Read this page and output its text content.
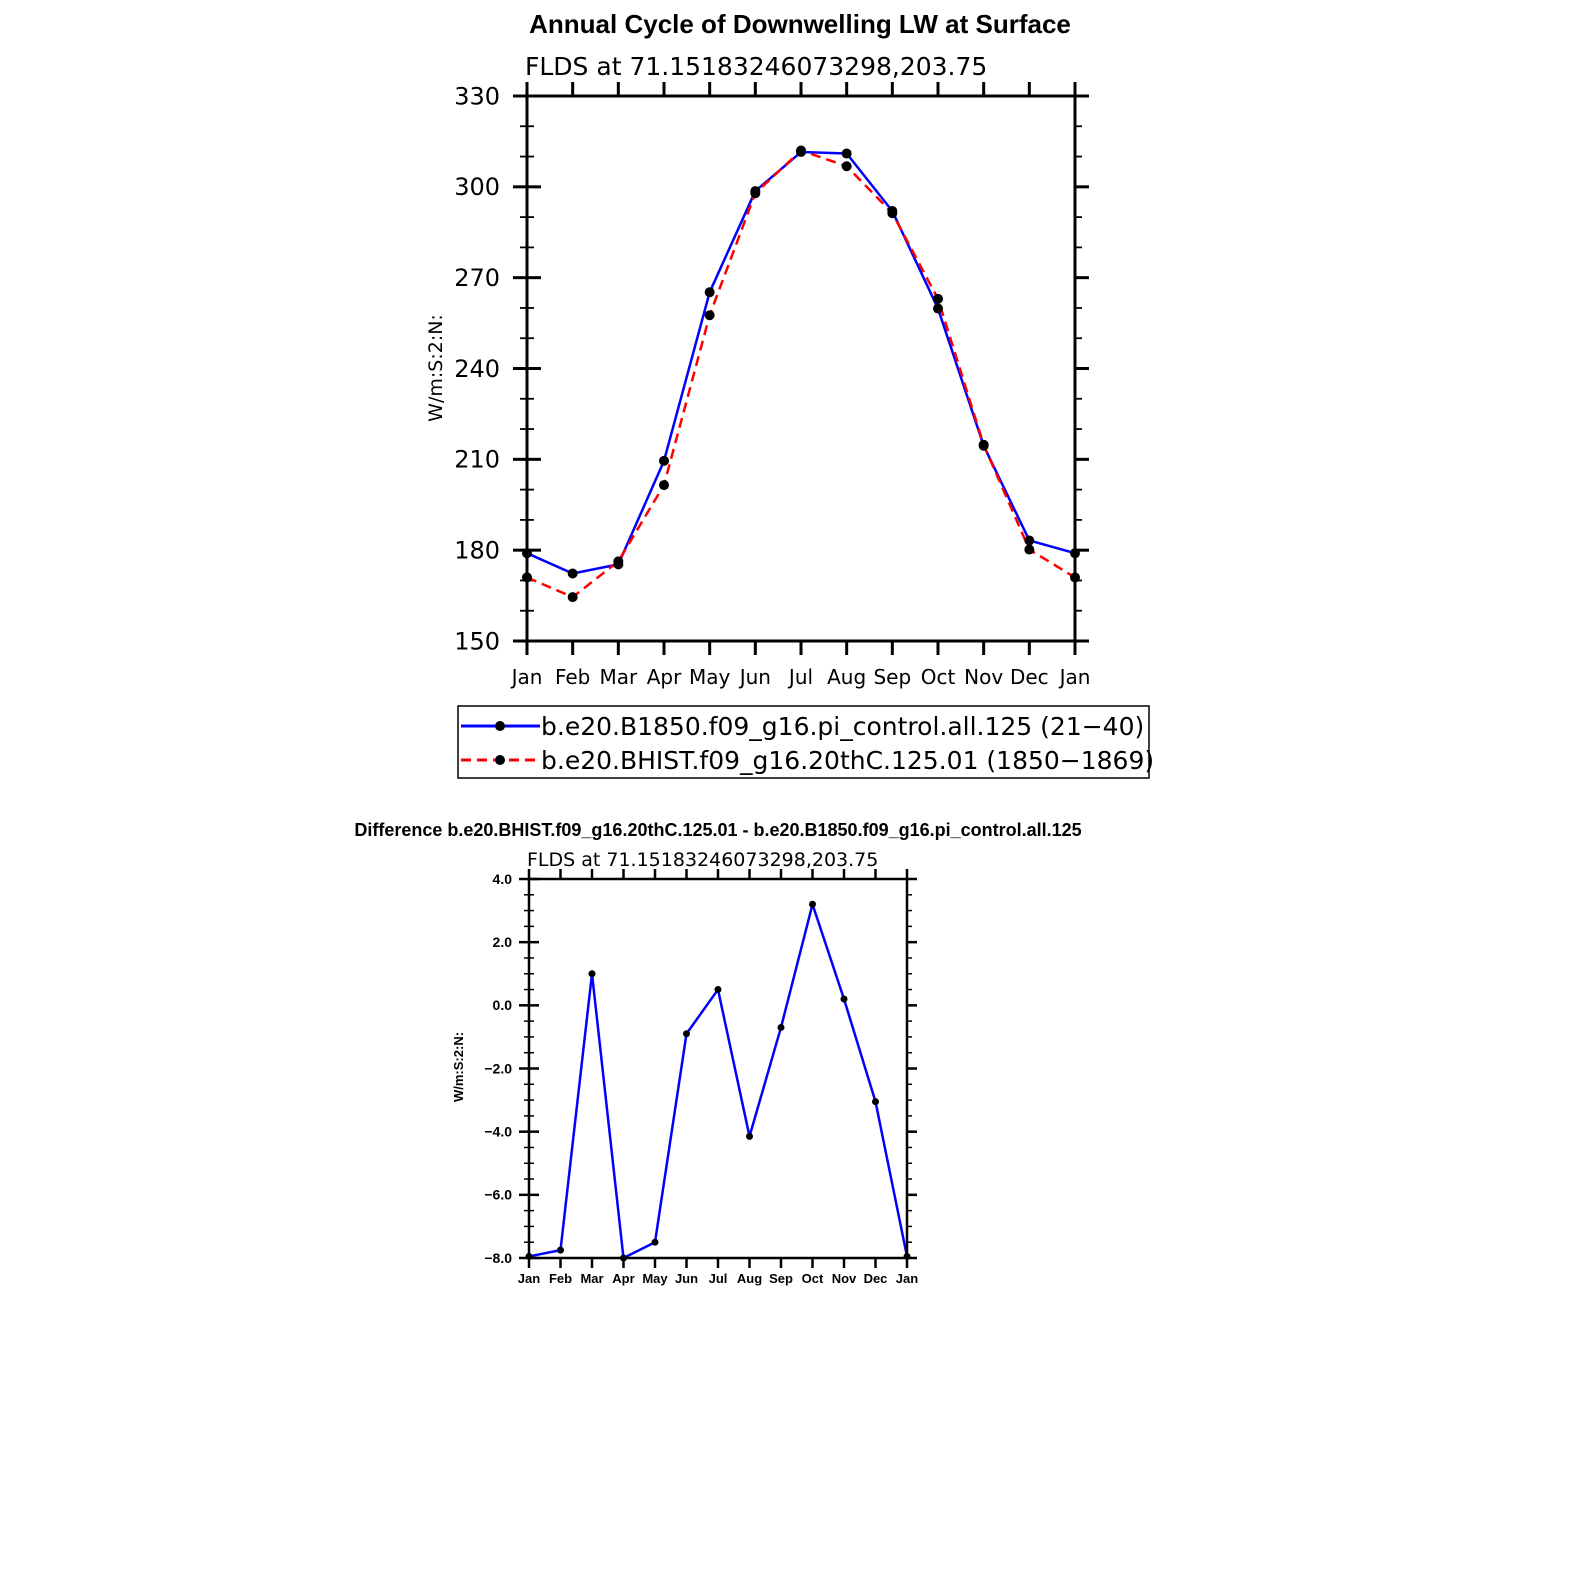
Annual Cycle of Downwelling LW at Surface
FLDS at 71.15183246073298,203.75
W/m:S:2:N:
Jan Feb Mar Apr May Jun Jul Aug Sep Oct Nov Dec Jan
150
180
210
240
270
300
330
b.e20.B1850.f09_g16.pi_control.all.125 (21−40)
b.e20.BHIST.f09_g16.20thC.125.01 (1850−1869)
Difference b.e20.BHIST.f09_g16.20thC.125.01 - b.e20.B1850.f09_g16.pi_control.all.125
FLDS at 71.15183246073298,203.75
W/m:S:2:N:
Jan Feb Mar Apr May Jun Jul Aug Sep Oct Nov Dec Jan
−8.0
−6.0
−4.0
−2.0
0.0
2.0
4.0
